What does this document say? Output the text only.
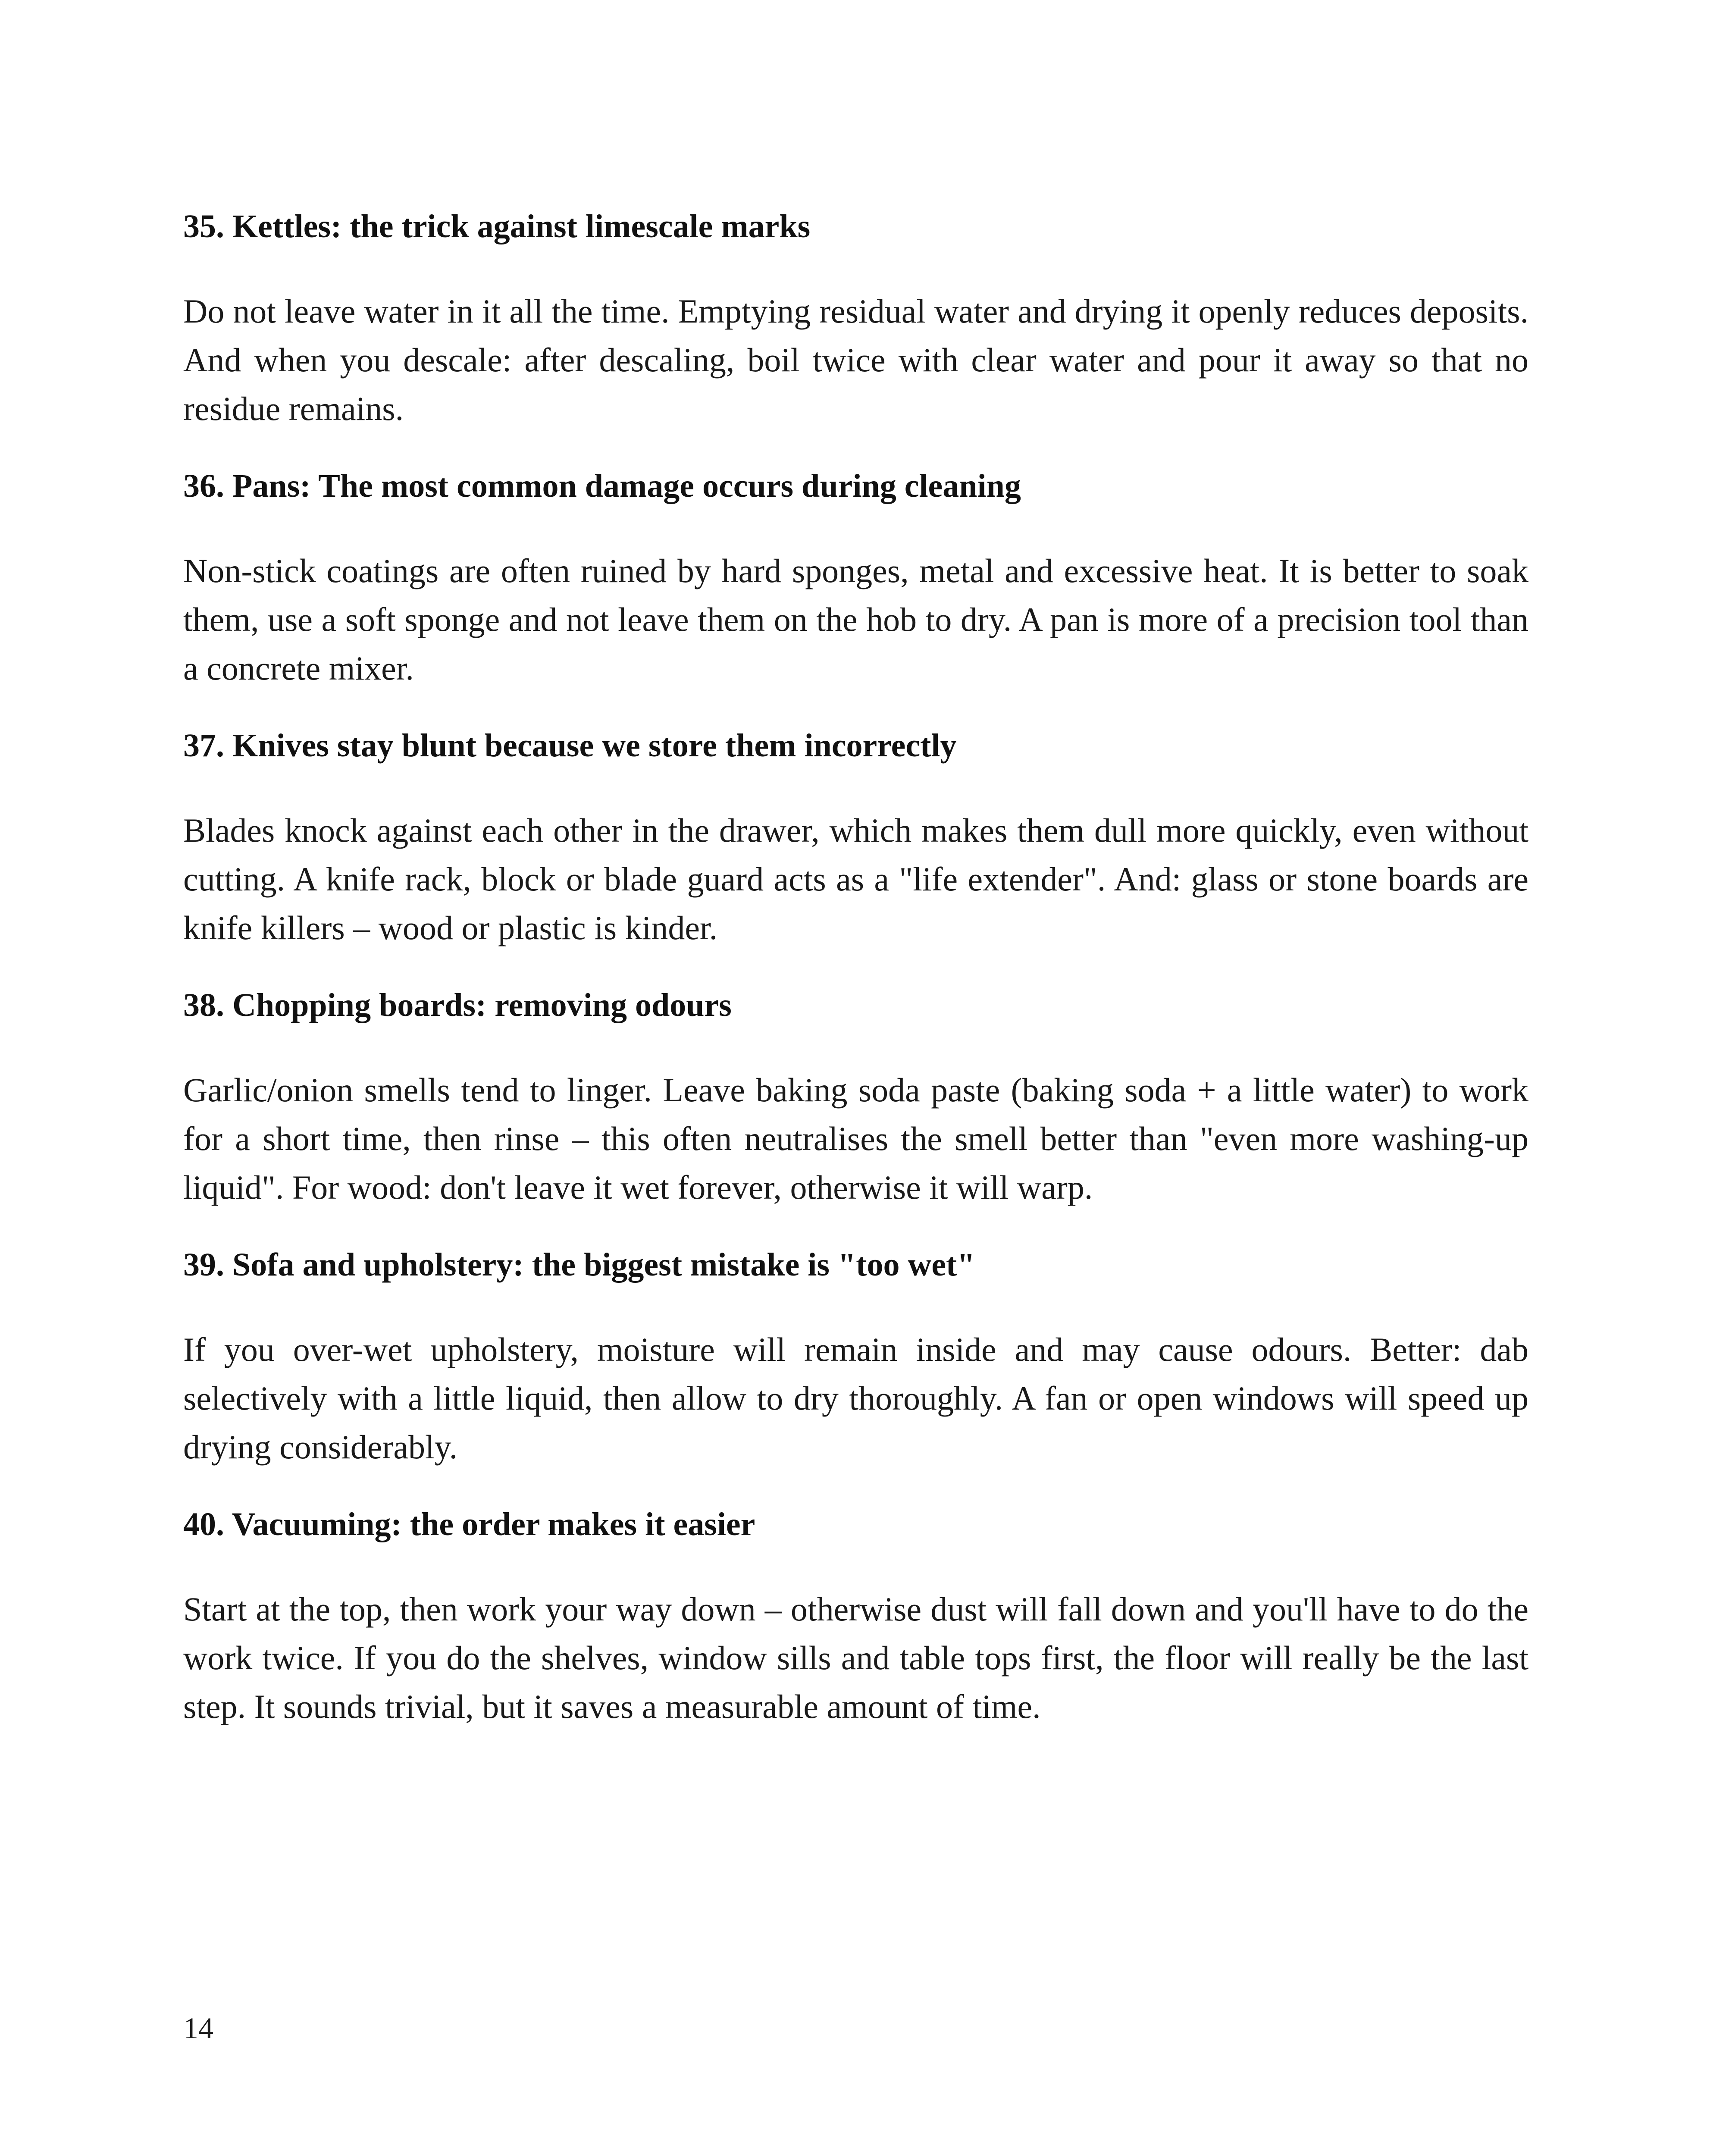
35. Kettles: the trick against limescale marks

Do not leave water in it all the time. Emptying residual water and drying it openly reduces deposits. And when you descale: after descaling, boil twice with clear water and pour it away so that no residue remains.

36. Pans: The most common damage occurs during cleaning

Non-stick coatings are often ruined by hard sponges, metal and excessive heat. It is better to soak them, use a soft sponge and not leave them on the hob to dry. A pan is more of a precision tool than a concrete mixer.

37. Knives stay blunt because we store them incorrectly

Blades knock against each other in the drawer, which makes them dull more quickly, even without cutting. A knife rack, block or blade guard acts as a "life extender". And: glass or stone boards are knife killers – wood or plastic is kinder.

38. Chopping boards: removing odours

Garlic/onion smells tend to linger. Leave baking soda paste (baking soda + a little water) to work for a short time, then rinse – this often neutralises the smell better than "even more washing-up liquid". For wood: don't leave it wet forever, otherwise it will warp.

39. Sofa and upholstery: the biggest mistake is "too wet"

If you over-wet upholstery, moisture will remain inside and may cause odours. Better: dab selectively with a little liquid, then allow to dry thoroughly. A fan or open windows will speed up drying considerably.

40. Vacuuming: the order makes it easier

Start at the top, then work your way down – otherwise dust will fall down and you'll have to do the work twice. If you do the shelves, window sills and table tops first, the floor will really be the last step. It sounds trivial, but it saves a measurable amount of time.

14
